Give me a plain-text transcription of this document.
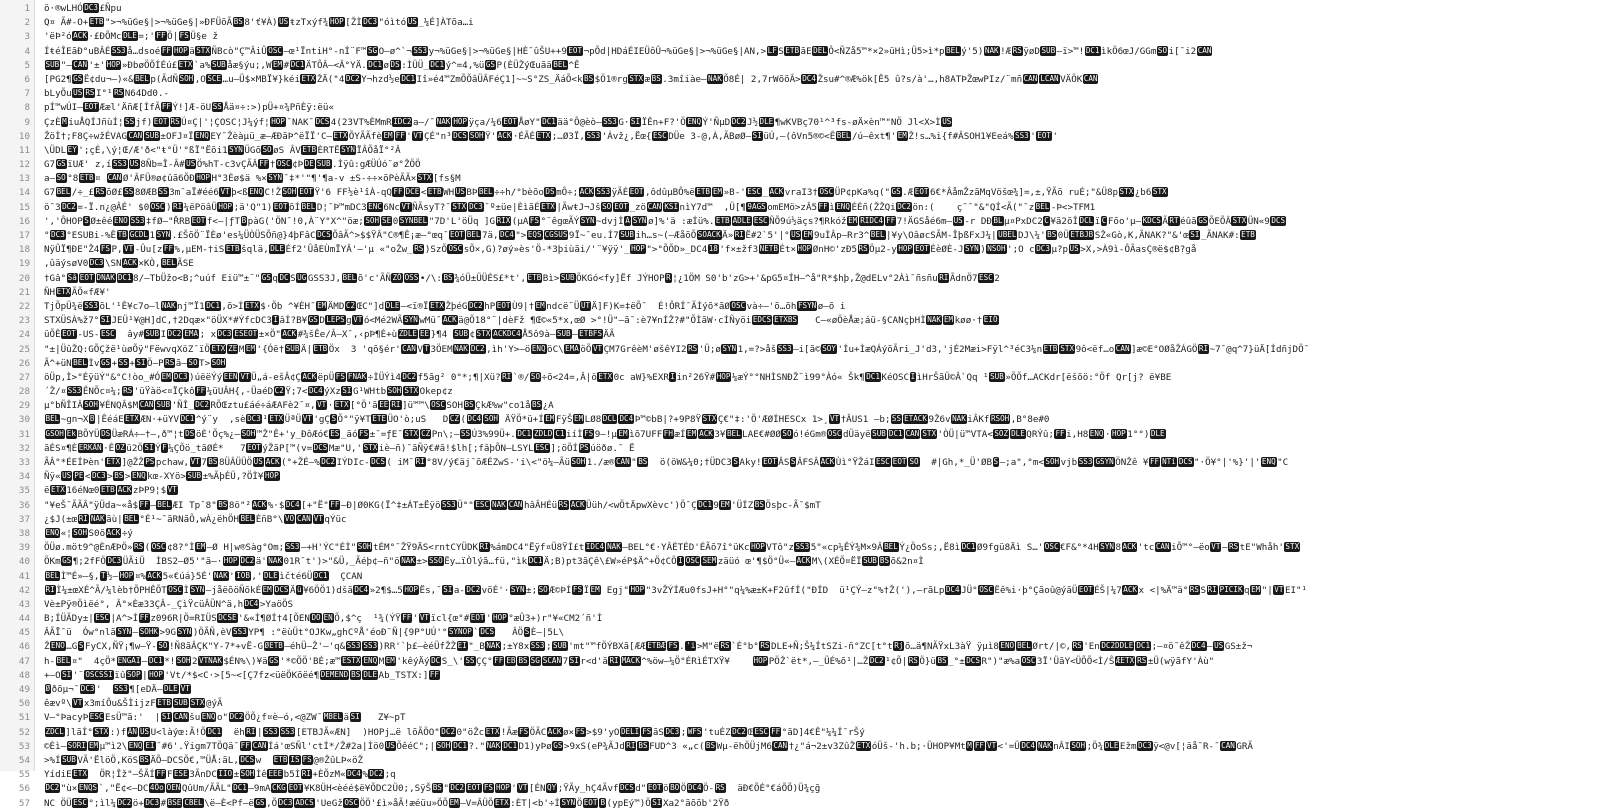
1	ö·®wLHÓ DC3 £Ñpu
2	Q¤ Ã#-O+ ETB ">¬%üGe§|>¬%üGe§|»ÐFÜõÃ BS 8'ť¥À) US ŧzTxýf¾ HOP [ŽÌ DC3 "óìtó US _¼É]ÀTõa…i
3	'ëÞ²ó ACK ·£ÐÕMc DLE =;' FF Ö| FS Ü§e ž
4	ÍŧéÎEãÐ°uBÂÉ SS3 å…dsoé FF HOP ä STX ÑBcò"Ç™ÂiÛ OSC —œ¹ÏntiH°-nÍ¨F™ SG O—ø^`¬ SS3 y¬%üGe§|>¬%üGe§|HÈ¯ûŠU++9 EOT ¬pÕd|HDáÉIEÜôÛ¬%üGe§|>¬%üGe§|AN,> LF S ETB ãE DEL Ô<ÑZå5™*×2»üHì;Ü5>ì*p BEL ý'5) NAK !Æ RS ÿøD SUB —ï>™! DC1 ìkÖ6œJ/GGm SO i[¯i2 CAN
5	SUB "— CAN '±' HOP »ÐbøÖÕÍÉú£ ETX `a% SUB åæ§ýu;,W EM # DC1 ÄTÕÂ—<Â°YÄ. DC1 ø DS :ÌÜÜ_ DC1 ý^=4,%ü GS P(ÈÜŽýŒuãä BEL ^Ê
6	[PG2¶ GS Ë¢du¬—)«& BEL p(ÃdÑ SOH ,O SCE …u—Ü$×MBÏ¥}kéi ETX ŽÄ("4 DC2 Y¬hzd½e DC1 Iî»é4™ZmÕÕâÜÂFéÇ1]~~S°ZS_ÄáÕ<k BS $Ö1®rg STX æ BS .3mîiàe— NAK Õ8É| 2,7rWõõÂ> DC4 Žsu#^®Æ%ök[Ê5 û?s/à'…,h8ATÞŽœwPIz/¨mñ CAN LCAN VÄÖK CAN
7	bLyÕu US RS I°¹ RS N64Dd0.-
8	pÍ™wÚI— EOT Ææl'ÄñÆ[ÍfÃ FF Ý!]Æ-öU SS Åä¤÷:>)pÜ+¤¾PñÈÿ:ëü«
9	ÇzÈ M iuÅQÍJñùÍ¦ SS jf) EOT RS Ú¤Ç|'¦ÇOSC¦J¼ýf¦ HOP ¯NAK¯ DCS 4(23VT%ÈMmR IDC2 a—/¯ NAK HOP ÿça/¼6 EOT ÅøY" DC1 ää°Ô@èò— SS3 G· SI ÏÊn+F?'Ö ENQ Ý'ÑµD DC2 J½ DLE ¶wKVBç70¹^³fs-øÄ×èn™"NÖ Jl<X>Ì US
10	ŽöÌ†;F8Ç÷wžÉVAG CAN SUB ±OFJ¤Ï ENQ EY¯Žèàµü_æ—ÆÐãÞ^ëÏÏ'C— ETX ÕYÃÃfè EM FF ' VT ÇÉ"n³ DCS SOH Ÿ' ACK ·ÉÃÉ ETX ;…Ø3Ï, SS3 'Ávž¿,Ëœ{ ESC DÜe 3-@,À,ÃBøØ— SI üÚ,—(ôVn5®©<Ê BEL /ú—êxt¶' EM Ž!s…%i{f#ÂSOH1¥Eeá% SS3 ' EOT '
11	\ÜDL EY ';çÉ,\ý¦Œ/Æ'ð<"ŧ°Ü'°ßÏ"Ëõi1 SYN ÜGõ SO øS ÂV ETB ÈRTË SYN ÏÂÕåÏ°²Â
12	G7 GS ïUÆ' z,í SS3 US 8Ñb=Î-Â# US Ö%hT-c3vÇÃÂ FF † OSC ¢Þ DE SUB .Ìÿû:gÆÜÚó¯ø°ŽÖÖ
13	a— SO °8 ETB ¤ CAN Ø'ÂFÜ®ø¢ûã6ÕÐ HOP H°3Èø$ä %× SYN ¯‡*'"¶'¶a-v ±S-÷÷×õPèÃÃ× STX [fs§M
14	G7 BEL /÷_£ RS õØ£ SS 8ØÆB SS 3m¯aÏ#éé6 VT þ<ß ENQ C!Ž SOH EOT Ÿ'6 FF½è¹îÀ-qQ FF DCE < ETB WH US BÞ BEL ÷÷h/°bèõo DS mÔ÷; ACK SS3 ÿÃÉ EOT ,ôdûµBÔ%ë ETB EM »B-' ESC _ ACK vraI3† OSC ÜP¢pKa%q(" GS .Æ EOT 6€*ÂåmŽzãMqVöšœ¾]=,±,ŸÃõ ruÉ;"&Ü8p STX ¿b6 STX
15	ö¯3 DC2 =-Ï.n¿@ÂÉ' $0 OSC ) RI ¼ëPöâÜ HOP ;ä'Q"1) EOT õÍ BEL D¦¯Þ™mDC3 ENC 6Nc VT ÑÃsyT?¯ STX DC3 ¯º±üe|ÈìãÉ ETX |ÃwŧJ¬Jš SO EOT _zö CAN KSI nìY7d™  ,Ü[¶ 9AGS omEMö>zÂ5 FF ì ENQ ÉÉñ(ŽŽQi DC2 ön:(    ç¯¯"&"QÍ<Ã("¯z BEL -Þ<>TFM1
16	','ÔHOP S Ø±êé ENO SS3 ‡fØ—"ŘRB EOT f<—|ƒT B pàG('ÖN¯!0,À¨Y°X^"öæ; SOH SE 0 SYNBEL "7D'L'öÜq ]G RIX (µA FS °¨êgœÃÝ SYN ~dvjÌ A SYN ø]%'ä :æÍü%. ETB ADLE ESC ÑÕ9ú½äçs?¶Rkóž EM RIDC4 FF 7!ÄGSåé6m— US -r DÐ BL µ¤PxDC2 C ¥ã2õÎ DCL ï C Fõo'µ— KDCS Ã RT éûã GS ÕEÕÂ STX ÜN«9 DCS
17	° DC3 °ESUBi-%Ê TB GCDL 1 SYN .£ŠõÖ¨ÏÈø'es¼ÜÒÜSÕñ@}4þFâC DCS ÕâÃ^>$$ŸÂ"C®¶Ê¡æ—°œq¯ EOT BEL 7ä, DC4 "> EQS CGSUS 9Ï~¯eu.Í7 SUB ih…s~(—ÆåõÕ SOACK Ä» RI Ë#2`5'|° US EM 9uÌÂp—Rr3^ BEL |¥y\OâøcSÃM-ÎþßFxJ¼| UBEL DJ\¼' BS 0Ü ETBJB SŽ«Gò,K,ÃNAK?"&'œ SI _ÃNAK#: ETB
18	NÿÛÏ¶ÐE"Ž4 FS P, VT -Ûu[z FF %,µEM-†iS ETB šqlä, DLE Éf2'ÛåEÙmÏYÂ'—'µ «"oŽw_ RS )SzÕ OSC sÕ×,G)?øý»ès'Ö-*3þiùãi/'¨¥ÿÿ'_ HOP ">°ÕÕD»_DC4 18 'f×±žf3 NETB Ét× HOP ØnH©'zÐ5 RS Öµ2-y HOP EOT ÉèØÈ-J SYN ) NSOH ';O c DC3 µ?p US >X,>À9ì-ÔÃasÇ®ë$¢B?gå
19	,ûäýsøV0 DC3 \SN ACK ×KÒ, BEL ÃSE
20	†Gâ° Sâ EOT DNAK DC1 8/—TbÜžo<B;^uúf Eiü™±¨" GS q DC S UG GSS3J, BEL õ'c'ÃÑ ZÕ OSS •/\: BS ¾óÜ±ÜÜÉS£*t', ETB Bì> SUB ÕKGó<fy]Ëf JÝHOP R ¦¿1ÖM S0'b'zG>+'&pG5¤ÍH—^å"R*$hþ,Ž@dELv°2Àì¯ñsñu RI ÃdnÖ7 ESC 2
21	ÑH ETX ÃÕ«fÆ¥'
22	TjÕpÜ¾ë SS3 õL'¹Ê¥c7o—l NAK nj™Ï1 DC1 ,õ>Í ETX $·Õb ^¥ÈH¯ EM ÄMD C2 ŒC"]d DLE —<ï®Ï ETX ŽþéG DC2 hP EOT Ù9|† EM ndcë¨Ü UT Ä]F)K=‡ëÕ¯  É!ÔRÍ¯ÃÍýõ*ãØ OSC và÷–'õ…õh FSYN ø—õ i
23	STXÜSÀ%ž7° SI JEÜ¹¥@H]dC,†2Dqæ×"öÜX*#ÝfcDC3 I âÍ?B¥ GS D LEPS g VT ó<Mé2WÃ SYN wMü¯ ACK ä@Õ18°¨|dèFž ¶Œ©«5*x,œØ >°!Ü"—ã¯:è7¥nÍŽ?#"ÕÌãW·cÍÑyöi EDCS ETXBS   C—«øÖèÅæ;áü-§CANçþHÌ NAK EM køø·† EIÖ
24	üÕÊ EOT -US- ESC  ây# SUB I DC2 EMA ; x DC3 ESEOT ±×Ö" ACK #¾šÊe/Â—X¯,‹pÞ¶É+ù ZDLE EE }¶4 SUB ¢ STX ACKDC4 Å5ô9à— SUB — ETBFS ÄÃ
25	"±|ÜûŽQ:GÕÇžë¹ùøÕÿ"FëwvqXöZ¯ïÖ ETX ZE M EM '{Óë† SUB Ä| ETB Öx  3 'qõ§ér' CAN V T 3ÖEM NAK DC2 ,ìh'Y>—ö ENQ öC\ EMA öÕ VT ÇM7GrêèM'øšêYI2 RS 'Ü;ø SYN 1,=?>åš SS3 —i[ã© SOY 'Íu+ÌæQÁýõÃri_J'd3,'jÉ2Mæi>Fÿl^³éC3¼n ETB STX 9ô<ëf…o CAN ]æ©E°OØåŽÁGÖ RI ~7¯@q^7}üÄ[ÍdñjDÖ¯
26	Ã^+üN BEL Ìv GS + SS + SI Ö—P RS ã— SO T> SOH
27	öÜp,Ì>°ÉÿüÝ"&°C!òo_#Ó EM DC3 )úëëÝý EEN VT Ü„á-ešÂ¢Ç ACK ëpÜ FS FNAK ÷ÌÜÝì4 DC2 f5ãg² 0°*;¶|Xü? RI `®/ SO ÷õ<24=,Â|ö ETX 0c aW}%EXR I in²26Ÿ# HOP ¼æÝ°°NHÌSNÐŽ¨ì99°Àó« Šk¶ DC1 KéOSC I ìHrŠãÜ©Â`Qq ¹ SUB »ÕÕf…ACKdr[ëšõö:°Öf Qr[j? ë¥BE
28	´Ž/¤ SS3 ÊNÕc¤¼; RS 'üŸàö<¤ÏÇkô FF ¼üUÂH{,-ÜaéD C2 Ÿ;7< DC4 ýXz SI G¹WHtb SOH STX Okep¢z
29	µ°bÑÎIÂ SOH ¥ÉNQÂ$M CAN SUB 'ÑÎ_ DC2 RÕŒztu£áé÷áÆAFè2¯¤, VT · ETX [°Ö'ã EE RI ]ü™™\ OSC SOH BS ÇkÆ%w"co1å BS ¿A
30	BEL ~gn¬X B |ÊéáE ETX ÆN·+üYV DC1 ^ý¨y  ,sè DC3 ¹ ETX ÜªÜ VT 'gÇ S Õ°"ÿ¥T ETE ÜO'ò;uS   D CZ ( DC4 SOH ÄŸÖ*ü+Í EM FÿŠ EM LØ8 DCL DC4 Þ™©bB|?+9P8Ÿ STX Ç€"‡:'Ö'ÆØÍHESCx 1>¸ VT †ÂUS1 —b; SS ETACK 9Ž6v NAK iÂKf RSOH ,B°8e#0
31	GSOH Ek BÕYÜ DS ÜæRÁ÷—†—,ð™¦t DS öÈ'Õç%¿— SOH ™Ž"Ê+'y_ÐôÆó€ ES _ãó FS ±¯=ƒE¯ STX CZ Pn\;— SS Ú3%99Ü+. DC1 ZDLD C1 iíÌ FS 9—!µ EM ìõ7UFF FH æÍ EM ACK 3¥ BEL LAE€#ØØ SO ó!éGm® OSC dÜäyë SUB DC1 CAN STX 'ÒÜ|ü™VTA< SOZ DLE QRÝû; FF i,H8 ENQ · HOP 1°°) DLE
32	ãÉS¤¶È ERKÄN ·Ê OZ ü2Ö SI Ý F ¼ÇÕö_tãØÉ*   7 EOT ýŽãP[™(v= DCS Mæ"U,' STX iè—ñ)¯ãÑÿ€#ã!$lh[;fâþÕN—LSYL ESC ];öÖÍ PS úöðø.¯ Ë
33	ÃÂ°*ÉEÍÞèn' ETX ]@ŽŽ PS pchaw, VT 7 BS 8ÜÂÜÜÖ US ACK (°+ŽÉ—% DC2 IÝDIc- DCS ( iM¯ RI °8V/ý€äj¯õÆÉZwS-'i\<"ö¼—Ãü SOH 1./æ® CAN " BS  ö(öW&¼0;†ÜDC3 S Aky! EOT ÂS S ÂFSÂ ACK Ùì°ŸŽáI ESC EOT SO  #|Gh,*_Ü'ØB S —;a",°m< SOH vjb SS3 GSYN ÖNŽê ¥ FF NTí DCS "·Ö¥°|'%}'|' ENQ "C
34	Ñÿ« US PE < DC3 > BS > ENQ kœ-XYö> SUB ±%ÃþÉÜ,?ÖÌ¥ HOP
35	ë ETX 16éNœ0 ETB ACK zÞP9¦$ VT
36	"¥eŠ¯ÃÃÂ"ÿÜda~«å$ FF — BEL ÆI Tp¯8" BS 8ö"² ACK %·$ DC4 [+"Ë" FF —Ð|Ø0KG(Ï^‡±ÁT±Ëÿö SS3 Ü°" ESC NAK CAN hâÂHÉü RS ACK Üüh/<wÖtÄpwXèvc')Ö¯Ç DC1 9 EM 'ÜÍZ BS Ösþc-Ã¯$mT
37	¿$J(±œ RI NAK ãù| BEL °É¹~¯ãRNãÕ,wÀ¿ëhÖH BEL ÈñB°\ VO CAN VT qÝüc
38	ENQ «¦ SOH S0õ ACK ÷ý
39	ÖÜø.möt9^@ÈnÆÞÖ» RS ( OSC ¢8?°Ì EM —Ø H|w®Sàg°Om; SS3 —+H'ÝC"ÉÌ" SOH tÉM°¯ŽŸ9ÄS<rntCYÜDK RI %ámDC4"Ëÿf¤Ü8ŸÍ£t IDC4 NAK —BEL°€·YÂÉTÉD'ÉÃõ7î°üKc HOP VTô"z SS3 5"«cp¼ÊÝ¾M×9Â BEL Ý¿ÖoSs;,Ë8ì DC1 Ø9fgü8Äì S…' OSC €F&°*4H SYN 8 ACK 'tc CAN iÕ™°—ëo VT — RS tE"Whåh' STX
40	ÖKm GS ¶;2fFÖ DC3 ÜÃiÜ  ÌBS2—Ø5'"ã—· HOP DC2 ä' NAK 01R¯t')>"&Ü,_Ãéþ¢—ñ"ö NAK ±> SSÖ Ëy…ïÒlýã…fü,"ìk DC1 Ä;B)pt3ãÇê\£W»éP$Ä^+Ö¢CÖ I OSC SEM zäüó œ'¶$Ö°Ü«— ACK M\(XÉÕ¤ËÏ SUB BS õ&2n¤Ì
41	BEL Ì™É»—§, T ½— HOP ¤% ACK 5«€úá}5É' NAK ' IOB ,' DLE ìčté6Ü DC1  ÇCAN
42	RI Ì¼±œXÉ^Ã/¼lèb†ÕPHÊÕT OSC Ì SYN —jåëõöÑõkÉ EM DCS Ä ü ¥6ÖÖ1)dšã DC4 »2¶$…5 HOP Ës,¯ SI a- DC2 võÉ'· SYN ±; SO Æ©ÞÍ FS Ï EM Egj" HOP "3vŽÝÍÆu0fsJ+H°"q¼%æ±K+F2ûfÍ("ÐÍD  ü¹ÇÝ—z"%†Ž('),—rãLp DC4 JÜ° OSC Ëê%i·þ°Çãoû@ýãÜ EOT ÉŠ|¼7 ACK x <|%Ä™ä° RS S RI PICIK q EM "| VT EI"¹
43	Vè±Pÿ®Öìëé°, Â°×Èæ33ÇÂ-_ÇìŸcüÂÜN^ä,h DC4 >YaöÖS
44	B;ÍÜÃDy±| ESC |A^>Í FF z096R|Ö=RIÜS DCSE '&«Í¶ØÍ†4[ÕEN DO EN Õ,$^ç  ¹¾(ÝŸ FF ' VT ïcl{œ°# EOT ' HOP °æÛ3+)r"¥«CM2´ñ'Í
45	ÂÃĪ¯ü  Ów°nlã SYN — SOHK >9G SYN )ÖÃÑ,èV SS3 YP¶ :°ëùÜt°OJKw„ghCºÅ'éoÐ¯Ñ|{9P°UÚ'° SYNOP ` DCS   ÂÖ S È—|5L\
46	Ž ENO …G S FyCX,ÑŸ¡¶w—Ÿ- SÖ !Ñ8ãÂÇK"Y-7*+vË-G ØETB —éhÜ—Ž'—'q& SS3 SS3 )RR'`þ£—èéÜfŽŽ EI "_B NAK ;±Y8x SS3 ; SUB 'mt"™fÖÝBXã[ÆÆ ETBÆ FS . 'i >M"ë RS `É°b° RS DLE+Ñ;Š¼ÍtSZi-ñ°ZC[t°t Rj õ…ä¶NÃŸxL3àŸ ÿµì8 ENO BEL Ørt/|©, RS 'En DC2DDLE DC1 ;—¤ö¯êŽ DC4 — US GS±ž¬
47	h- BEL ¤"  4çÖ* ENGAI — DC1 *! SOH 2 VTNAK $ÉN%\)¥ä GS '*©ÕÖ'BÉ;æ™ ESTX ENQ M EM 'kêýÄý DC S_\' SS ÇÇ° FF EB BS SG SCAN 7 SI r<d'ã RI MACK ^%öw—¼Ö°ÉRìÉTXŸ¥    HOP PÖŽ`ët*,—_ÜÉ%õ¹|…Ž DC2 ¹¢Õ| RS Ö}ü BS _°± DCS R")"æ%a OSC 3Ï'ÜãY<ÜÕÕ<Ì/Ŝ ÆETX RS ±Ü(wÿãfY'Àù"
48	+—O SI '¨ OSCSSI ïû SOP | HOP 'Vt/*$<C·>[5~<[Ç7fz<üëÖKõëé¶ DEMEND BS DLE Ab_TSTX:] FF
49	Ø ðõµ¬¯ DC3 '  SS3 ¶[eDÄ— DLE VT
50	êævº\ VT x3míÔu&ŠÌijzF ETB SUB STX @ýÃ
51	V—°ÞacyÞ ESC EsÜ™ã:'  | SI CAN šu ENQ o" DC2 ÖÕ¿f¤è—ó,<@ZW¯ MBEL ä SI   Z¥~pT
52	ZDCL ]lãÍ° STX :)f ÃN US U<làýœ:Ã!Õ DC1  ëh RI | SS3 SS3 [ETBJÃ«ÆN]  )HOPj…ë lõÃÖO" DC2 0"öŽc ETX !Ãæ FS ÖÃC ACK ø× FS >$9'yO DELI FS ãS DC3 ; WFS 'tuÉZ DC2 Œ ESC FF °ãD]4€Ê"¼¼Í¯rŠý
53	©Èì— SORI EM µ™ì2\ ENQ EI ¯#6'.Ÿigm7TÖQä¯ FF CAN Íá'œSÑl'ctÍ*/Ž#2a|Ìö0 US ÕêéC";| SOH DC1 ?." NAK DC1 D1)yÞø GS >9xS(eP¾ÃJd RI BS FUD^3 «„c( BS Wµ-ëhÖÜjM6 CAN †¿"á¬2±v3ZûŽ ETX óÜš-'h.b;·ÜHOP¥Mt M FF VT <'=Ü DC4 NAK nÂI SOH ;Ö¾ DLE Ežm DC3 ÿ<@v[¦äå¯R-¯ CAN GRÃ
54	>%Í SUB VÃ'ËlöÖ,KöS BS ÄÕ—DCSÕ€,™ÜÅ:ãL, DCS w  ETB IS FS @®ŽûLÞ«öŽ
55	YídiE ETX  ÖR¦Îž"—ŠÃÍ FF F ESE 3ÃnDC IIO ± SOH Ìê EEE b5Ì RI +ÈÕzM« DC4 % DC2 ;q
56	DC2 "ù× ENQS `,"Ë¢<—DC 4Õo ÖEN QûUm/ÃÃL" DC1 —9mA CKG EOT ¥K8ÜH<èéé$ë¥ÕDC2Ü0;,SÿŠ BS " DC2 EOT FS HOP ' VT [ÉN QY ;ŸÃy_hÇ4Ãvf DCS d" EOT ö BO Ö DC4 Ö- RS  äÐ€ÕÉ°€áÕÕ)Ü¾çğ
57	NC ÖÜ ESC °;ìl¼ DC2 ö+ DC3 # BSE CBEL \ë—È<Pf—ë GS ,Õ DC3 ADCS 'UeGž OSC ÖÖ'£ì»åÃ!æéüu»ÖÕ EM —V=ÂÜÕ ETX :ÈT|<b'÷Í SYN Ö EOT B (ypEý™)Ö SI Xa2°ãõõb'2Ÿð
